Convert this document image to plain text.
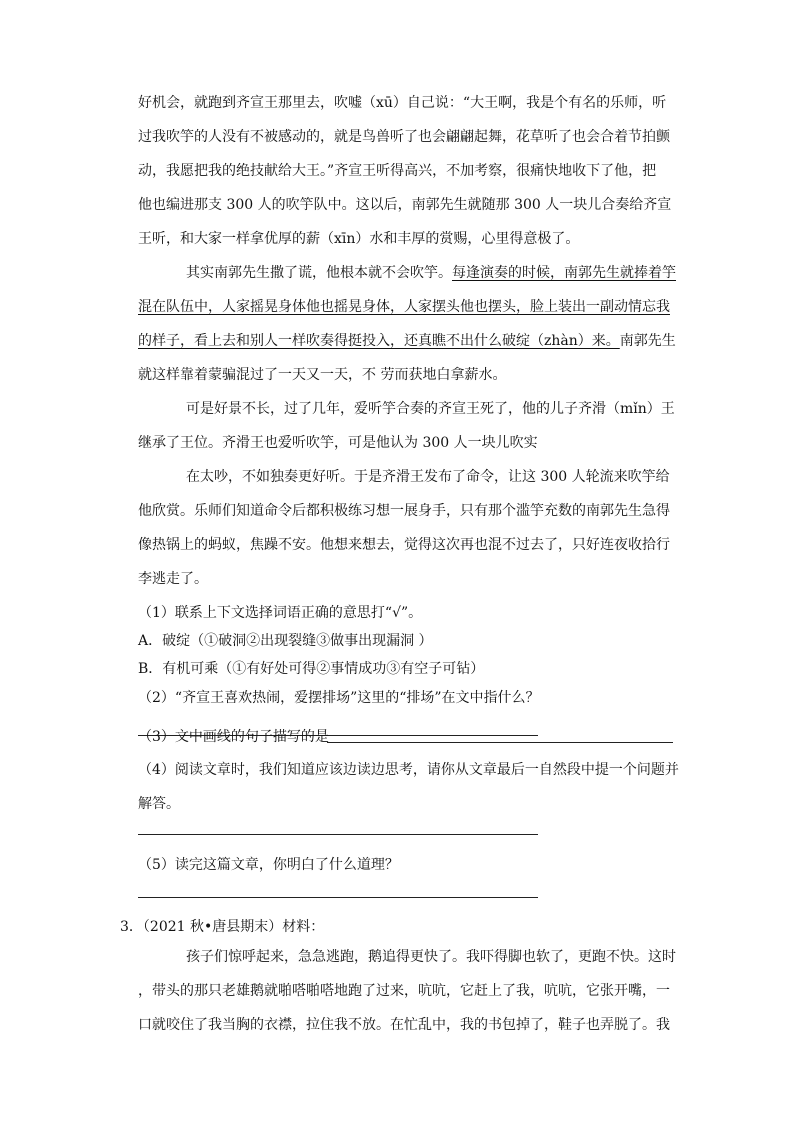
好机会，就跑到齐宣王那里去，吹嘘（xū）自己说：“大王啊，我是个有名的乐师，听
过我吹竽的人没有不被感动的，就是鸟兽听了也会翩翩起舞，花草听了也会合着节拍颤
动，我愿把我的绝技献给大王。”齐宣王听得高兴，不加考察，很痛快地收下了他，把
他也编进那支 300 人的吹竽队中。这以后，南郭先生就随那 300 人一块儿合奏给齐宣
王听，和大家一样拿优厚的薪（xīn）水和丰厚的赏赐，心里得意极了。
其实南郭先生撒了谎，他根本就不会吹竽。每逢演奏的时候，南郭先生就捧着竽
混在队伍中，人家摇晃身体他也摇晃身体，人家摆头他也摆头，脸上装出一副动情忘我
的样子，看上去和别人一样吹奏得挺投入，还真瞧不出什么破绽（zhàn）来。南郭先生
就这样靠着蒙骗混过了一天又一天，不 劳而获地白拿薪水。
可是好景不长，过了几年，爱听竽合奏的齐宣王死了，他的儿子齐滑（mǐn）王
继承了王位。齐滑王也爱听吹竽，可是他认为 300 人一块儿吹实
在太吵，不如独奏更好听。于是齐滑王发布了命令，让这 300 人轮流来吹竽给
他欣赏。乐师们知道命令后都积极练习想一展身手，只有那个滥竽充数的南郭先生急得
像热锅上的蚂蚁，焦躁不安。他想来想去，觉得这次再也混不过去了，只好连夜收拾行
李逃走了。
（1）联系上下文选择词语正确的意思打“√”。
A．破绽（①破洞②出现裂缝③做事出现漏洞 ）
B．有机可乘（①有好处可得②事情成功③有空子可钻）
（2）“齐宣王喜欢热闹，爱摆排场”这里的“排场”在文中指什么？
（3）文中画线的句子描写的是
（4）阅读文章时，我们知道应该边读边思考，请你从文章最后一自然段中提一个问题并
解答。
（5）读完这篇文章，你明白了什么道理？
3．（2021 秋•唐县期末）材料：
孩子们惊呼起来，急急逃跑，鹅追得更快了。我吓得脚也软了，更跑不快。这时
，带头的那只老雄鹅就啪嗒啪嗒地跑了过来，吭吭，它赶上了我，吭吭，它张开嘴，一
口就咬住了我当胸的衣襟，拉住我不放。在忙乱中，我的书包掉了，鞋子也弄脱了。我
